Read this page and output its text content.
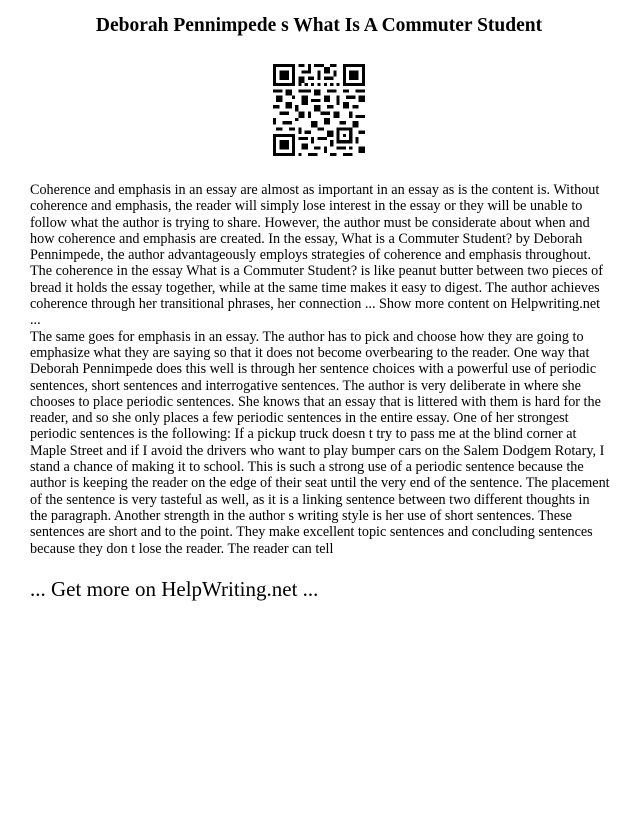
Deborah Pennimpede s What Is A Commuter Student

Coherence and emphasis in an essay are almost as important in an essay as is the content is. Without coherence and emphasis, the reader will simply lose interest in the essay or they will be unable to follow what the author is trying to share. However, the author must be considerate about when and how coherence and emphasis are created. In the essay, What is a Commuter Student? by Deborah Pennimpede, the author advantageously employs strategies of coherence and emphasis throughout. The coherence in the essay What is a Commuter Student? is like peanut butter between two pieces of bread it holds the essay together, while at the same time makes it easy to digest. The author achieves coherence through her transitional phrases, her connection ... Show more content on Helpwriting.net ...

The same goes for emphasis in an essay. The author has to pick and choose how they are going to emphasize what they are saying so that it does not become overbearing to the reader. One way that Deborah Pennimpede does this well is through her sentence choices with a powerful use of periodic sentences, short sentences and interrogative sentences. The author is very deliberate in where she chooses to place periodic sentences. She knows that an essay that is littered with them is hard for the reader, and so she only places a few periodic sentences in the entire essay. One of her strongest periodic sentences is the following: If a pickup truck doesn t try to pass me at the blind corner at Maple Street and if I avoid the drivers who want to play bumper cars on the Salem Dodgem Rotary, I stand a chance of making it to school. This is such a strong use of a periodic sentence because the author is keeping the reader on the edge of their seat until the very end of the sentence. The placement of the sentence is very tasteful as well, as it is a linking sentence between two different thoughts in the paragraph. Another strength in the author s writing style is her use of short sentences. These sentences are short and to the point. They make excellent topic sentences and concluding sentences because they don t lose the reader. The reader can tell

... Get more on HelpWriting.net ...
